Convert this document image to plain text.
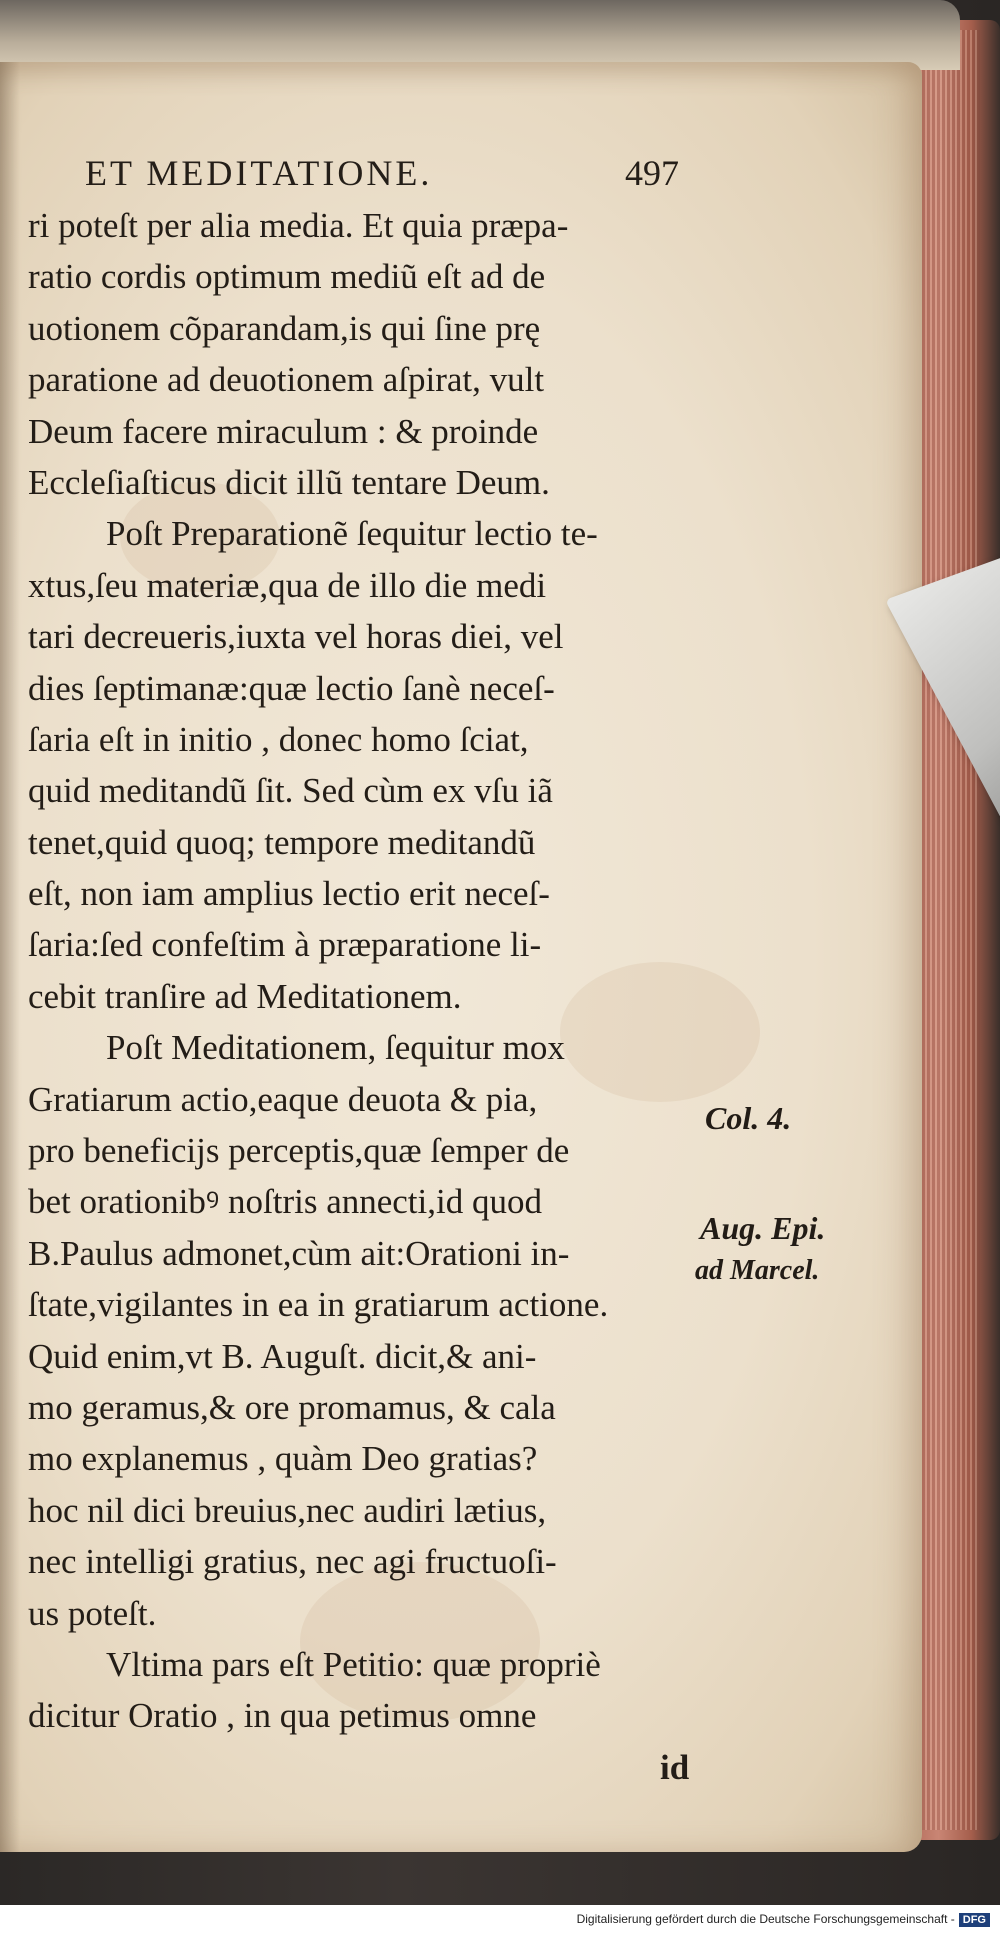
ET MEDITATIONE.	497
ri poteſt per alia media. Et quia præpa-
ratio cordis optimum mediũ eſt ad de
uotionem cõparandam,is qui ſine prę
paratione ad deuotionem aſpirat, vult
Deum facere miraculum : & proinde
Eccleſiaſticus dicit illũ tentare Deum.
Poſt Preparationẽ ſequitur lectio te-
xtus,ſeu materiæ,qua de illo die medi
tari decreueris,iuxta vel horas diei, vel
dies ſeptimanæ:quæ lectio ſanè neceſ-
ſaria eſt in initio , donec homo ſciat,
quid meditandũ ſit. Sed cùm ex vſu iã
tenet,quid quoq; tempore meditandũ
eſt, non iam amplius lectio erit neceſ-
ſaria:ſed confeſtim à præparatione li-
cebit tranſire ad Meditationem.
Poſt Meditationem, ſequitur mox
Gratiarum actio,eaque deuota & pia,
pro beneficijs perceptis,quæ ſemper de
bet orationibꝰ noſtris annecti,id quod
B.Paulus admonet,cùm ait:Orationi in-
ſtate,vigilantes in ea in gratiarum actione.
Quid enim,vt B. Auguſt. dicit,& ani-
mo geramus,& ore promamus, & cala
mo explanemus , quàm Deo gratias?
hoc nil dici breuius,nec audiri lætius,
nec intelligi gratius, nec agi fructuoſi-
us poteſt.
Vltima pars eſt Petitio: quæ propriè
dicitur Oratio , in qua petimus omne
id
Col. 4.
Aug. Epi.
ad Marcel.
Digitalisierung gefördert durch die Deutsche Forschungsgemeinschaft - DFG
